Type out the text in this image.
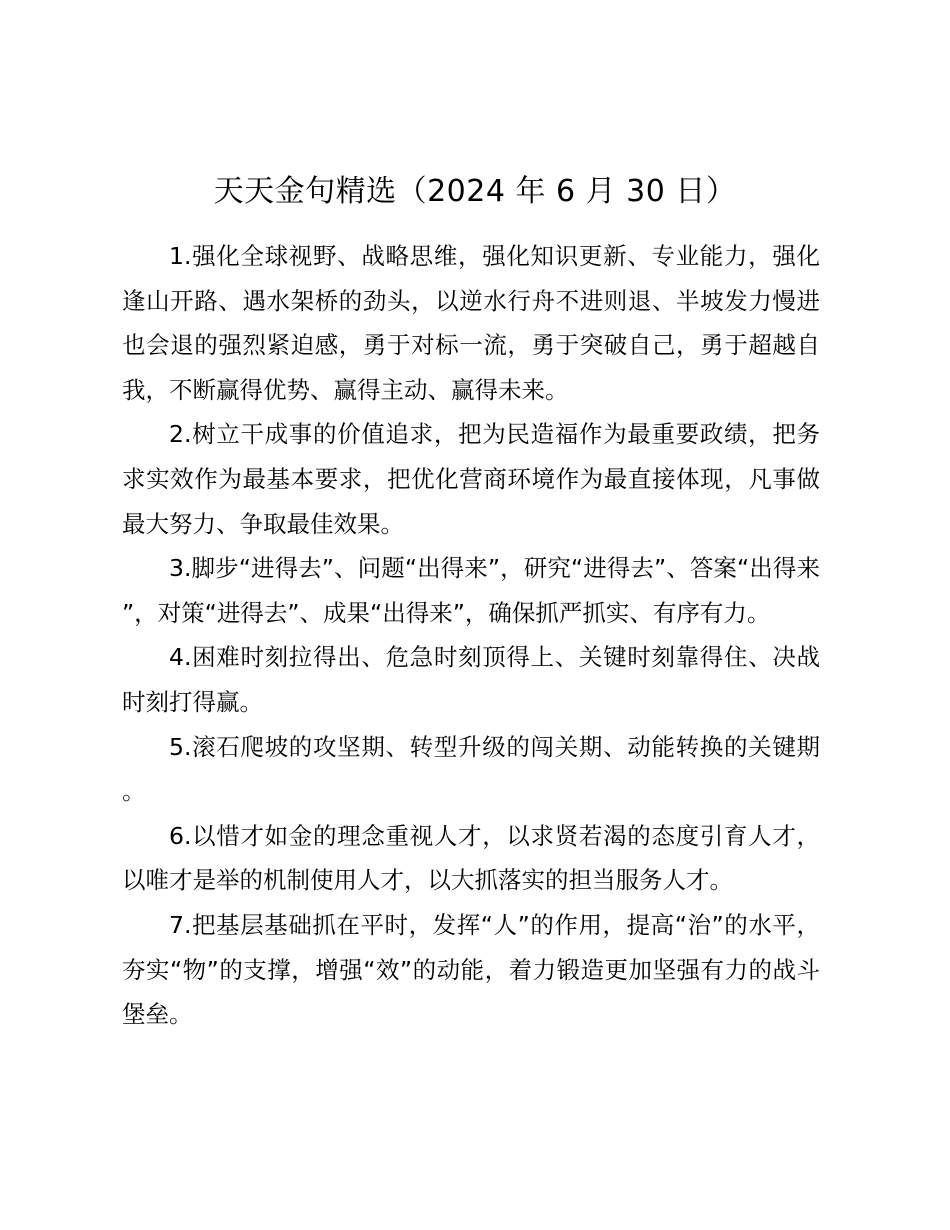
天天金句精选（2024 年 6 月 30 日）

1.强化全球视野、战略思维，强化知识更新、专业能力，强化逢山开路、遇水架桥的劲头，以逆水行舟不进则退、半坡发力慢进也会退的强烈紧迫感，勇于对标一流，勇于突破自己，勇于超越自我，不断赢得优势、赢得主动、赢得未来。

2.树立干成事的价值追求，把为民造福作为最重要政绩，把务求实效作为最基本要求，把优化营商环境作为最直接体现，凡事做最大努力、争取最佳效果。

3.脚步“进得去”、问题“出得来”，研究“进得去”、答案“出得来”，对策“进得去”、成果“出得来”，确保抓严抓实、有序有力。

4.困难时刻拉得出、危急时刻顶得上、关键时刻靠得住、决战时刻打得赢。

5.滚石爬坡的攻坚期、转型升级的闯关期、动能转换的关键期。

6.以惜才如金的理念重视人才，以求贤若渴的态度引育人才，以唯才是举的机制使用人才，以大抓落实的担当服务人才。

7.把基层基础抓在平时，发挥“人”的作用，提高“治”的水平，夯实“物”的支撑，增强“效”的动能，着力锻造更加坚强有力的战斗堡垒。
